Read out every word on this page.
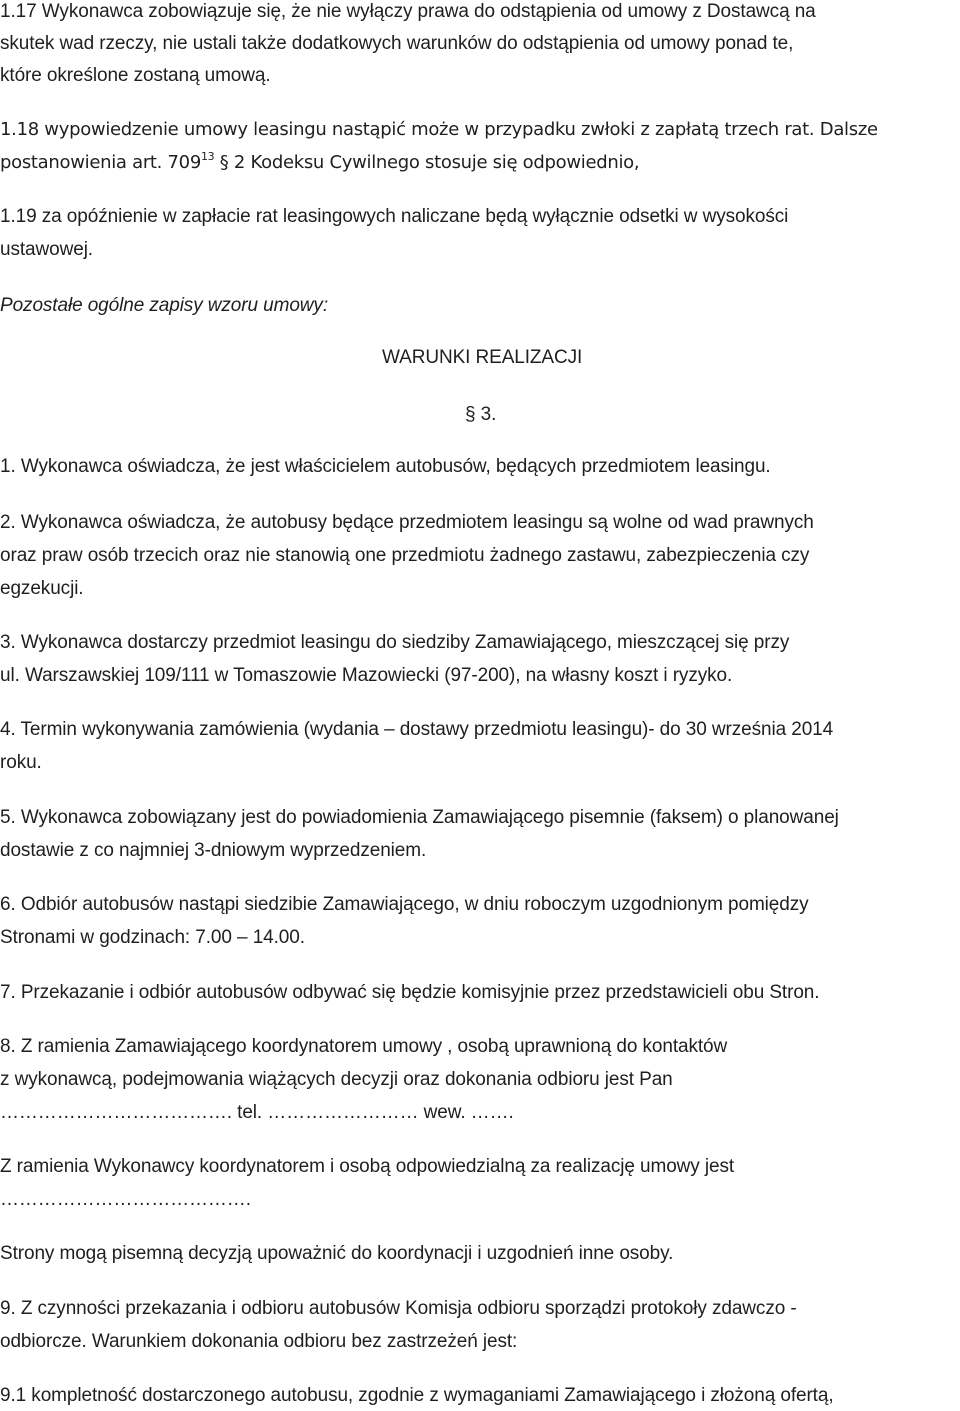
1.17 Wykonawca zobowiązuje się, że nie wyłączy prawa do odstąpienia od umowy z Dostawcą na
skutek wad rzeczy, nie ustali także dodatkowych warunków do odstąpienia od umowy ponad te,
które określone zostaną umową.
1.18 wypowiedzenie umowy leasingu nastąpić może w przypadku zwłoki z zapłatą trzech rat. Dalsze
postanowienia art. $709^{13}$ § 2 Kodeksu Cywilnego stosuje się odpowiednio,
1.19 za opóźnienie w zapłacie rat leasingowych naliczane będą wyłącznie odsetki w wysokości
ustawowej.
Pozostałe ogólne zapisy wzoru umowy:
WARUNKI REALIZACJI
§ 3.
1. Wykonawca oświadcza, że jest właścicielem autobusów, będących przedmiotem leasingu.
2. Wykonawca oświadcza, że autobusy będące przedmiotem leasingu są wolne od wad prawnych
oraz praw osób trzecich oraz nie stanowią one przedmiotu żadnego zastawu, zabezpieczenia czy
egzekucji.
3. Wykonawca dostarczy przedmiot leasingu do siedziby Zamawiającego, mieszczącej się przy
ul. Warszawskiej 109/111 w Tomaszowie Mazowiecki (97-200), na własny koszt i ryzyko.
4. Termin wykonywania zamówienia (wydania – dostawy przedmiotu leasingu)- do 30 września 2014
roku.
5. Wykonawca zobowiązany jest do powiadomienia Zamawiającego pisemnie (faksem) o planowanej
dostawie z co najmniej 3-dniowym wyprzedzeniem.
6. Odbiór autobusów nastąpi siedzibie Zamawiającego, w dniu roboczym uzgodnionym pomiędzy
Stronami w godzinach: 7.00 – 14.00.
7. Przekazanie i odbiór autobusów odbywać się będzie komisyjnie przez przedstawicieli obu Stron.
8. Z ramienia Zamawiającego koordynatorem umowy , osobą uprawnioną do kontaktów
z wykonawcą, podejmowania wiążących decyzji oraz dokonania odbioru jest Pan
………………………………. tel. …………………… wew. …….
Z ramienia Wykonawcy koordynatorem i osobą odpowiedzialną za realizację umowy jest
………………………………….
Strony mogą pisemną decyzją upoważnić do koordynacji i uzgodnień inne osoby.
9. Z czynności przekazania i odbioru autobusów Komisja odbioru sporządzi protokoły zdawczo -
odbiorcze. Warunkiem dokonania odbioru bez zastrzeżeń jest:
9.1 kompletność dostarczonego autobusu, zgodnie z wymaganiami Zamawiającego i złożoną ofertą,
